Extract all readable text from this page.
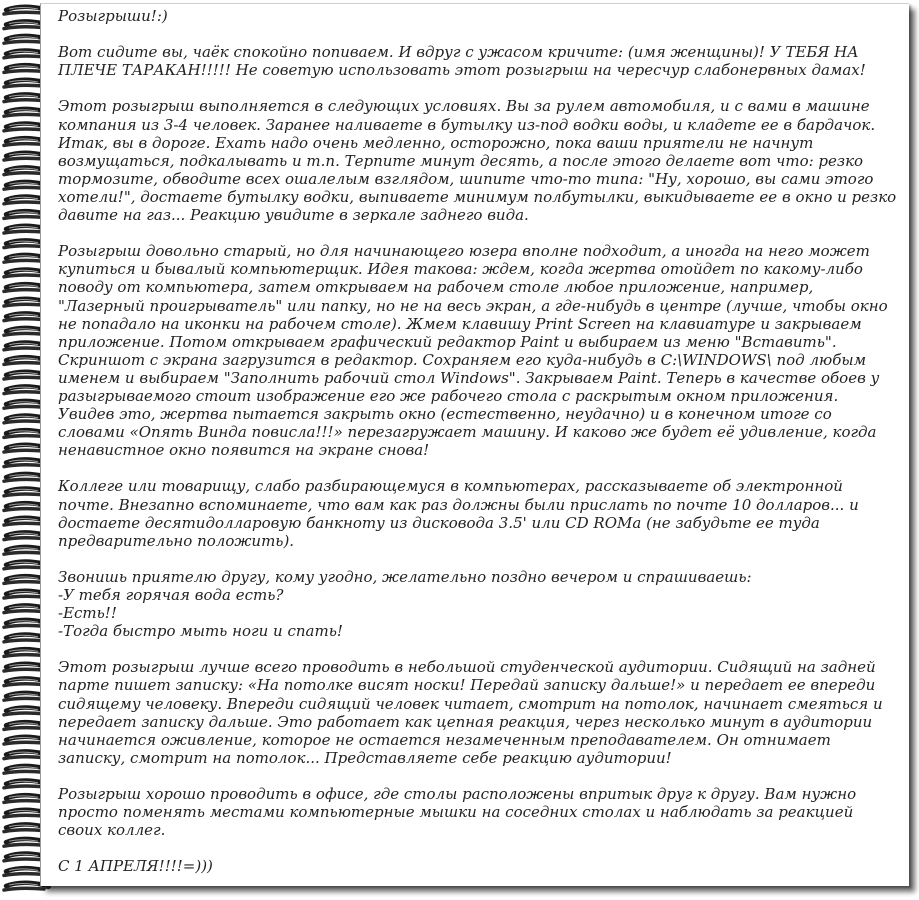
Розыгрыши!:)

Вот сидите вы, чаёк спокойно попиваем. И вдруг с ужасом кричите: (имя женщины)! У ТЕБЯ НА ПЛЕЧЕ ТАРАКАН!!!!! Не советую использовать этот розыгрыш на чересчур слабонервных дамах!

Этот розыгрыш выполняется в следующих условиях. Вы за рулем автомобиля, и с вами в машине компания из 3-4 человек. Заранее наливаете в бутылку из-под водки воды, и кладете ее в бардачок. Итак, вы в дороге. Ехать надо очень медленно, осторожно, пока ваши приятели не начнут возмущаться, подкалывать и т.п. Терпите минут десять, а после этого делаете вот что: резко тормозите, обводите всех ошалелым взглядом, шипите что-то типа: "Ну, хорошо, вы сами этого хотели!", достаете бутылку водки, выпиваете минимум полбутылки, выкидываете ее в окно и резко давите на газ... Реакцию увидите в зеркале заднего вида.

Розыгрыш довольно старый, но для начинающего юзера вполне подходит, а иногда на него может купиться и бывалый компьютерщик. Идея такова: ждем, когда жертва отойдет по какому-либо поводу от компьютера, затем открываем на рабочем столе любое приложение, например, "Лазерный проигрыватель" или папку, но не на весь экран, а где-нибудь в центре (лучше, чтобы окно не попадало на иконки на рабочем столе). Жмем клавишу Print Screen на клавиатуре и закрываем приложение. Потом открываем графический редактор Paint и выбираем из меню "Вставить". Скриншот с экрана загрузится в редактор. Сохраняем его куда-нибудь в C:\WINDOWS\ под любым именем и выбираем "Заполнить рабочий стол Windows". Закрываем Paint. Теперь в качестве обоев у разыгрываемого стоит изображение его же рабочего стола с раскрытым окном приложения. Увидев это, жертва пытается закрыть окно (естественно, неудачно) и в конечном итоге со словами «Опять Винда повисла!!!» перезагружает машину. И каково же будет её удивление, когда ненавистное окно появится на экране снова!

Коллеге или товарищу, слабо разбирающемуся в компьютерах, рассказываете об электронной почте. Внезапно вспоминаете, что вам как раз должны были прислать по почте 10 долларов... и достаете десятидолларовую банкноту из дисковода 3.5' или CD ROMа (не забудьте ее туда предварительно положить).

Звонишь приятелю другу, кому угодно, желательно поздно вечером и спрашиваешь:
-У тебя горячая вода есть?
-Есть!!
-Тогда быстро мыть ноги и спать!

Этот розыгрыш лучше всего проводить в небольшой студенческой аудитории. Сидящий на задней парте пишет записку: «На потолке висят носки! Передай записку дальше!» и передает ее впереди сидящему человеку. Впереди сидящий человек читает, смотрит на потолок, начинает смеяться и передает записку дальше. Это работает как цепная реакция, через несколько минут в аудитории начинается оживление, которое не остается незамеченным преподавателем. Он отнимает записку, смотрит на потолок... Представляете себе реакцию аудитории!

Розыгрыш хорошо проводить в офисе, где столы расположены впритык друг к другу. Вам нужно просто поменять местами компьютерные мышки на соседних столах и наблюдать за реакцией своих коллег.

С 1 АПРЕЛЯ!!!!=)))
